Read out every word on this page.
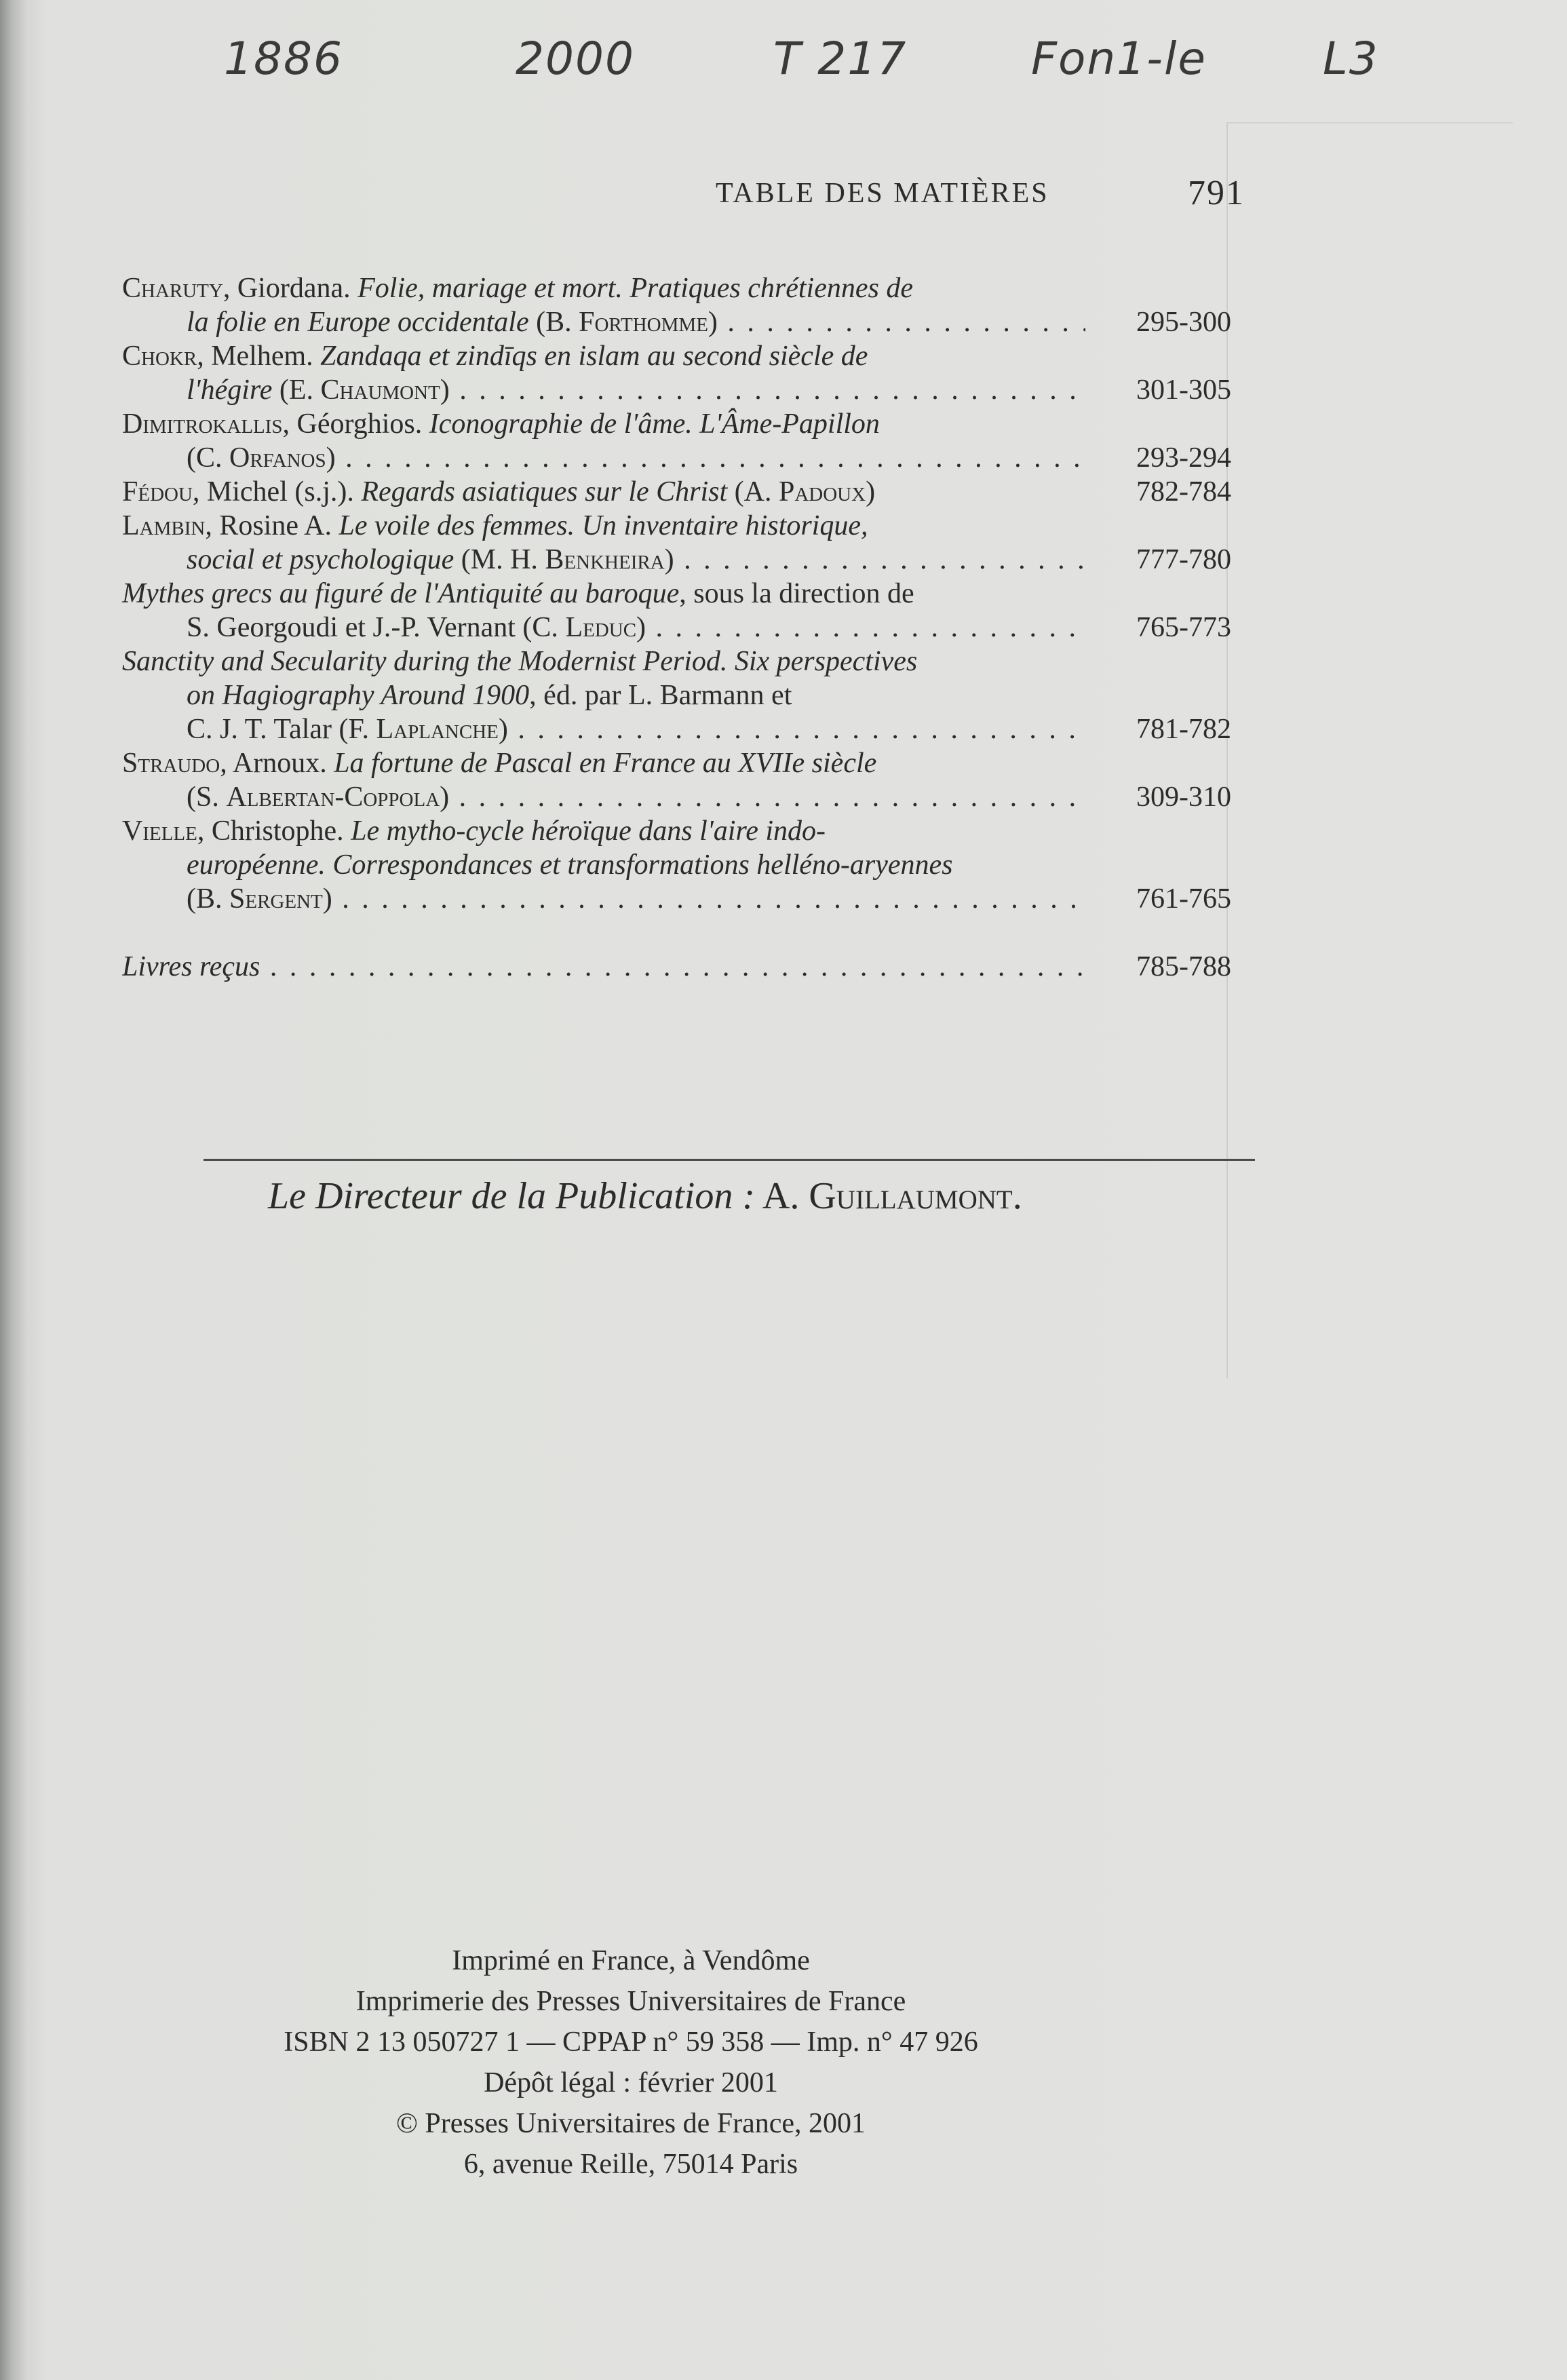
1886	2000	T 217	Fon1-le	L3
TABLE DES MATIÈRES	791
Charuty, Giordana. Folie, mariage et mort. Pratiques chrétiennes de
la folie en Europe occidentale (B. Forthomme) . . .	295-300
Chokr, Melhem. Zandaqa et zindīqs en islam au second siècle de
l'hégire (E. Chaumont) . . .	301-305
Dimitrokallis, Géorghios. Iconographie de l'âme. L'Âme-Papillon
(C. Orfanos) . . .	293-294
Fédou, Michel (s.j.). Regards asiatiques sur le Christ (A. Padoux)	782-784
Lambin, Rosine A. Le voile des femmes. Un inventaire historique,
social et psychologique (M. H. Benkheira) . . .	777-780
Mythes grecs au figuré de l'Antiquité au baroque, sous la direction de
S. Georgoudi et J.-P. Vernant (C. Leduc) . . .	765-773
Sanctity and Secularity during the Modernist Period. Six perspectives
on Hagiography Around 1900, éd. par L. Barmann et
C. J. T. Talar (F. Laplanche) . . .	781-782
Straudo, Arnoux. La fortune de Pascal en France au XVIIe siècle
(S. Albertan-Coppola) . . .	309-310
Vielle, Christophe. Le mytho-cycle héroïque dans l'aire indo-
européenne. Correspondances et transformations helléno-aryennes
(B. Sergent) . . .	761-765
Livres reçus . . .	785-788
Le Directeur de la Publication : A. Guillaumont.
Imprimé en France, à Vendôme
Imprimerie des Presses Universitaires de France
ISBN 2 13 050727 1 — CPPAP n° 59 358 — Imp. n° 47 926
Dépôt légal : février 2001
© Presses Universitaires de France, 2001
6, avenue Reille, 75014 Paris
